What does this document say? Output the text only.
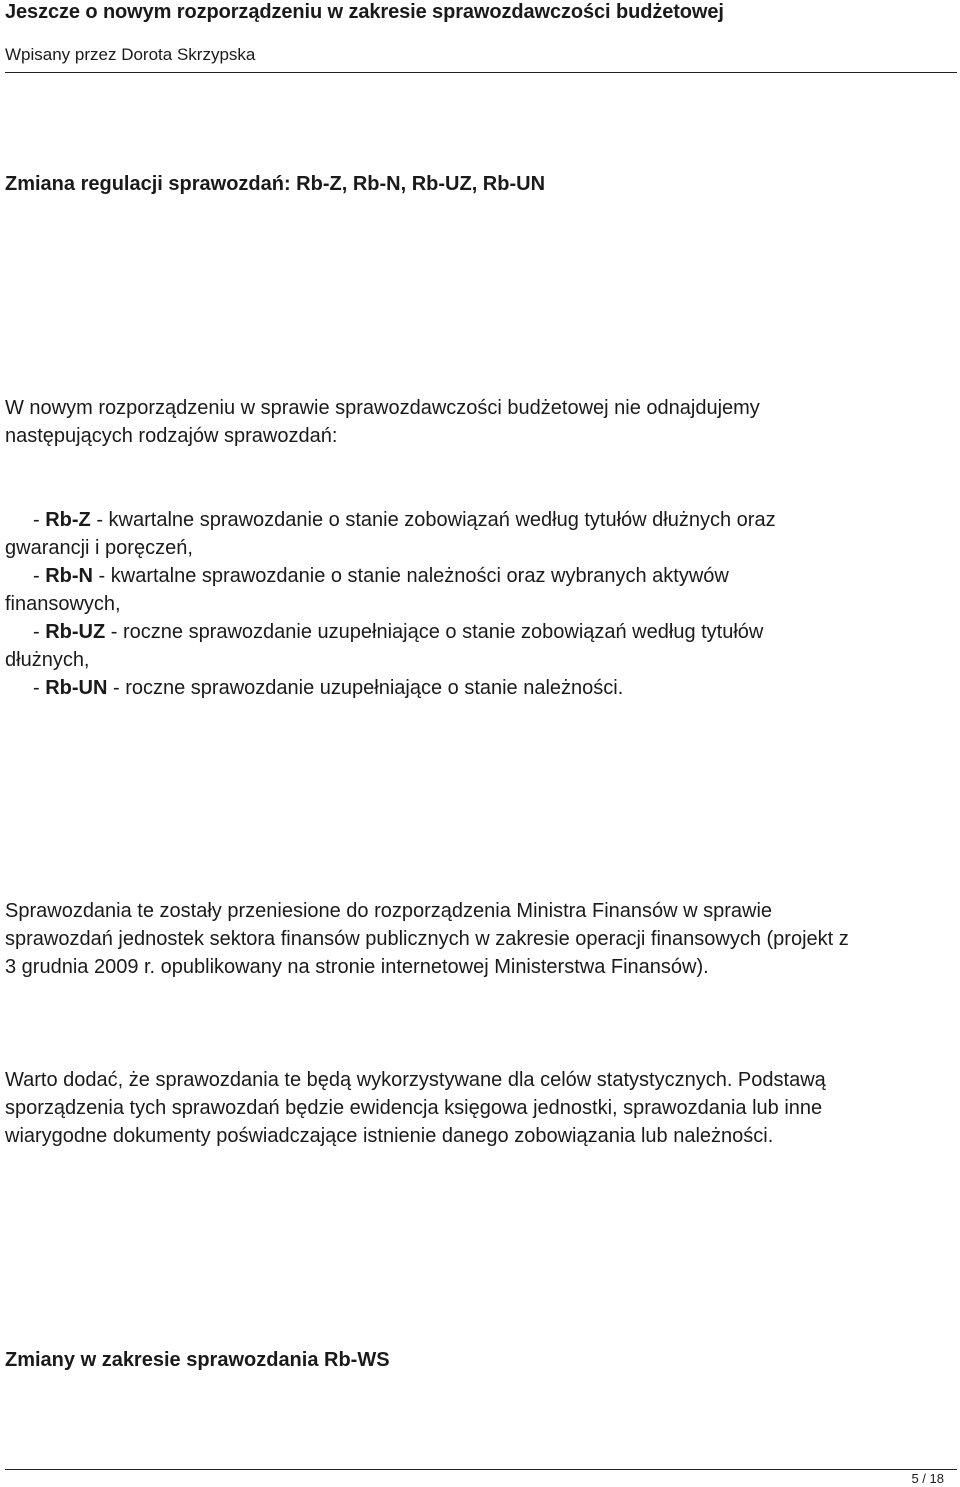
Jeszcze o nowym rozporządzeniu w zakresie sprawozdawczości budżetowej
Wpisany przez Dorota Skrzypska
Zmiana regulacji sprawozdań: Rb-Z, Rb-N, Rb-UZ, Rb-UN
W nowym rozporządzeniu w sprawie sprawozdawczości budżetowej nie odnajdujemy
następujących rodzajów sprawozdań:
- Rb-Z - kwartalne sprawozdanie o stanie zobowiązań według tytułów dłużnych oraz
gwarancji i poręczeń,
- Rb-N - kwartalne sprawozdanie o stanie należności oraz wybranych aktywów
finansowych,
- Rb-UZ - roczne sprawozdanie uzupełniające o stanie zobowiązań według tytułów
dłużnych,
- Rb-UN - roczne sprawozdanie uzupełniające o stanie należności.
Sprawozdania te zostały przeniesione do rozporządzenia Ministra Finansów w sprawie
sprawozdań jednostek sektora finansów publicznych w zakresie operacji finansowych (projekt z
3 grudnia 2009 r. opublikowany na stronie internetowej Ministerstwa Finansów).
Warto dodać, że sprawozdania te będą wykorzystywane dla celów statystycznych. Podstawą
sporządzenia tych sprawozdań będzie ewidencja księgowa jednostki, sprawozdania lub inne
wiarygodne dokumenty poświadczające istnienie danego zobowiązania lub należności.
Zmiany w zakresie sprawozdania Rb-WS
5 / 18
